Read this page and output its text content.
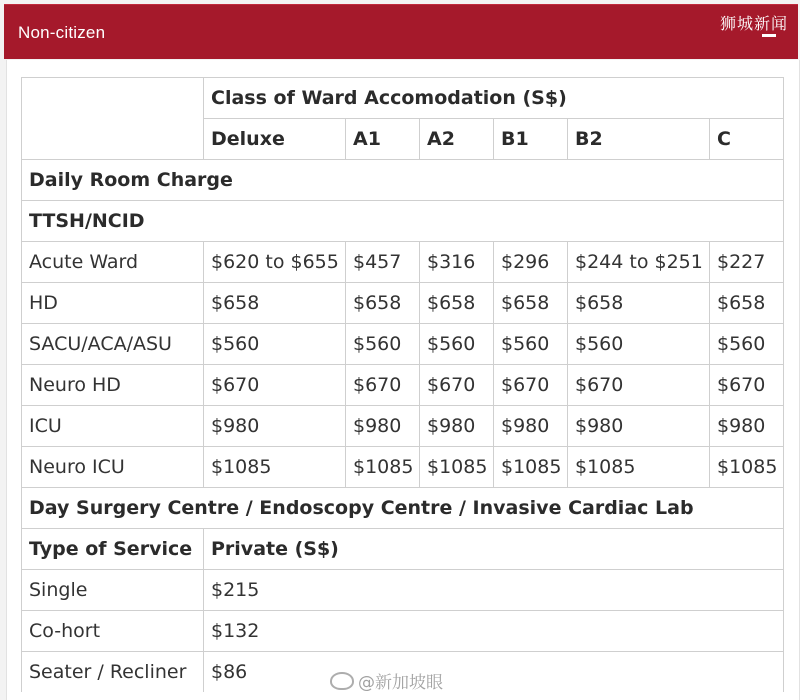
Non-citizen	狮城新闻
	Class of Ward Accomodation (S$)					
	Deluxe	A1	A2	B1	B2	C
Daily Room Charge						
TTSH/NCID						
Acute Ward	$620 to $655	$457	$316	$296	$244 to $251	$227
HD	$658	$658	$658	$658	$658	$658
SACU/ACA/ASU	$560	$560	$560	$560	$560	$560
Neuro HD	$670	$670	$670	$670	$670	$670
ICU	$980	$980	$980	$980	$980	$980
Neuro ICU	$1085	$1085	$1085	$1085	$1085	$1085
Day Surgery Centre / Endoscopy Centre / Invasive Cardiac Lab						
Type of Service	Private (S$)					
Single	$215					
Co-hort	$132					
Seater / Recliner	$86						@新加坡眼
